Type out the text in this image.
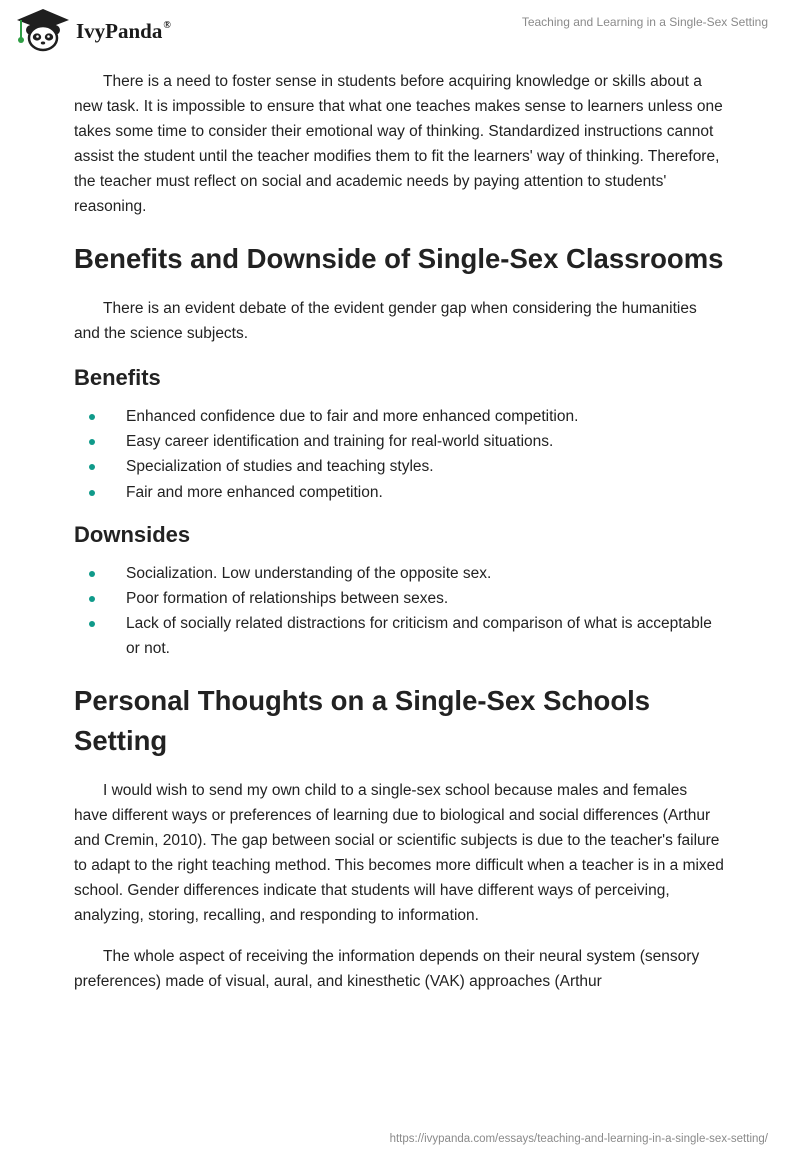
IvyPanda®	Teaching and Learning in a Single-Sex Setting

There is a need to foster sense in students before acquiring knowledge or skills about a new task. It is impossible to ensure that what one teaches makes sense to learners unless one takes some time to consider their emotional way of thinking. Standardized instructions cannot assist the student until the teacher modifies them to fit the learners' way of thinking. Therefore, the teacher must reflect on social and academic needs by paying attention to students' reasoning.

Benefits and Downside of Single-Sex Classrooms

There is an evident debate of the evident gender gap when considering the humanities and the science subjects.

Benefits
Enhanced confidence due to fair and more enhanced competition.
Easy career identification and training for real-world situations.
Specialization of studies and teaching styles.
Fair and more enhanced competition.
Downsides
Socialization. Low understanding of the opposite sex.
Poor formation of relationships between sexes.
Lack of socially related distractions for criticism and comparison of what is acceptable or not.
Personal Thoughts on a Single-Sex Schools Setting

I would wish to send my own child to a single-sex school because males and females have different ways or preferences of learning due to biological and social differences (Arthur and Cremin, 2010). The gap between social or scientific subjects is due to the teacher's failure to adapt to the right teaching method. This becomes more difficult when a teacher is in a mixed school. Gender differences indicate that students will have different ways of perceiving, analyzing, storing, recalling, and responding to information.

The whole aspect of receiving the information depends on their neural system (sensory preferences) made of visual, aural, and kinesthetic (VAK) approaches (Arthur

https://ivypanda.com/essays/teaching-and-learning-in-a-single-sex-setting/
